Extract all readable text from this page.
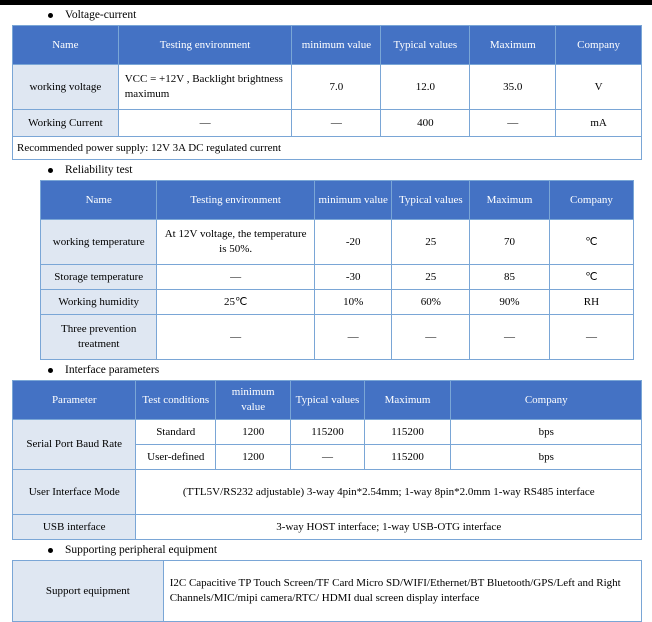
Voltage-current
Name	Testing environment	minimum value	Typical values	Maximum	Company
working voltage	VCC = +12V , Backlight brightness maximum	7.0	12.0	35.0	V
Working Current	—	—	400	—	mA
Recommended power supply: 12V 3A DC regulated current					
Reliability test
Name	Testing environment	minimum value	Typical values	Maximum	Company
working temperature	At 12V voltage, the temperature is 50%.	-20	25	70	℃
Storage temperature	—	-30	25	85	℃
Working humidity	25℃	10%	60%	90%	RH
Three prevention treatment	—	—	—	—	—
Interface parameters
Parameter	Test conditions	minimum value	Typical values	Maximum	Company
Serial Port Baud Rate	Standard	1200	115200	115200	bps
	User-defined	1200	—	115200	bps
User Interface Mode	(TTL5V/RS232 adjustable) 3-way 4pin*2.54mm; 1-way 8pin*2.0mm 1-way RS485 interface				
USB interface	3-way HOST interface; 1-way USB-OTG interface				
Supporting peripheral equipment
Support equipment	I2C Capacitive TP Touch Screen/TF Card Micro SD/WIFI/Ethernet/BT Bluetooth/GPS/Left and Right Channels/MIC/mipi camera/RTC/ HDMI dual screen display interface
